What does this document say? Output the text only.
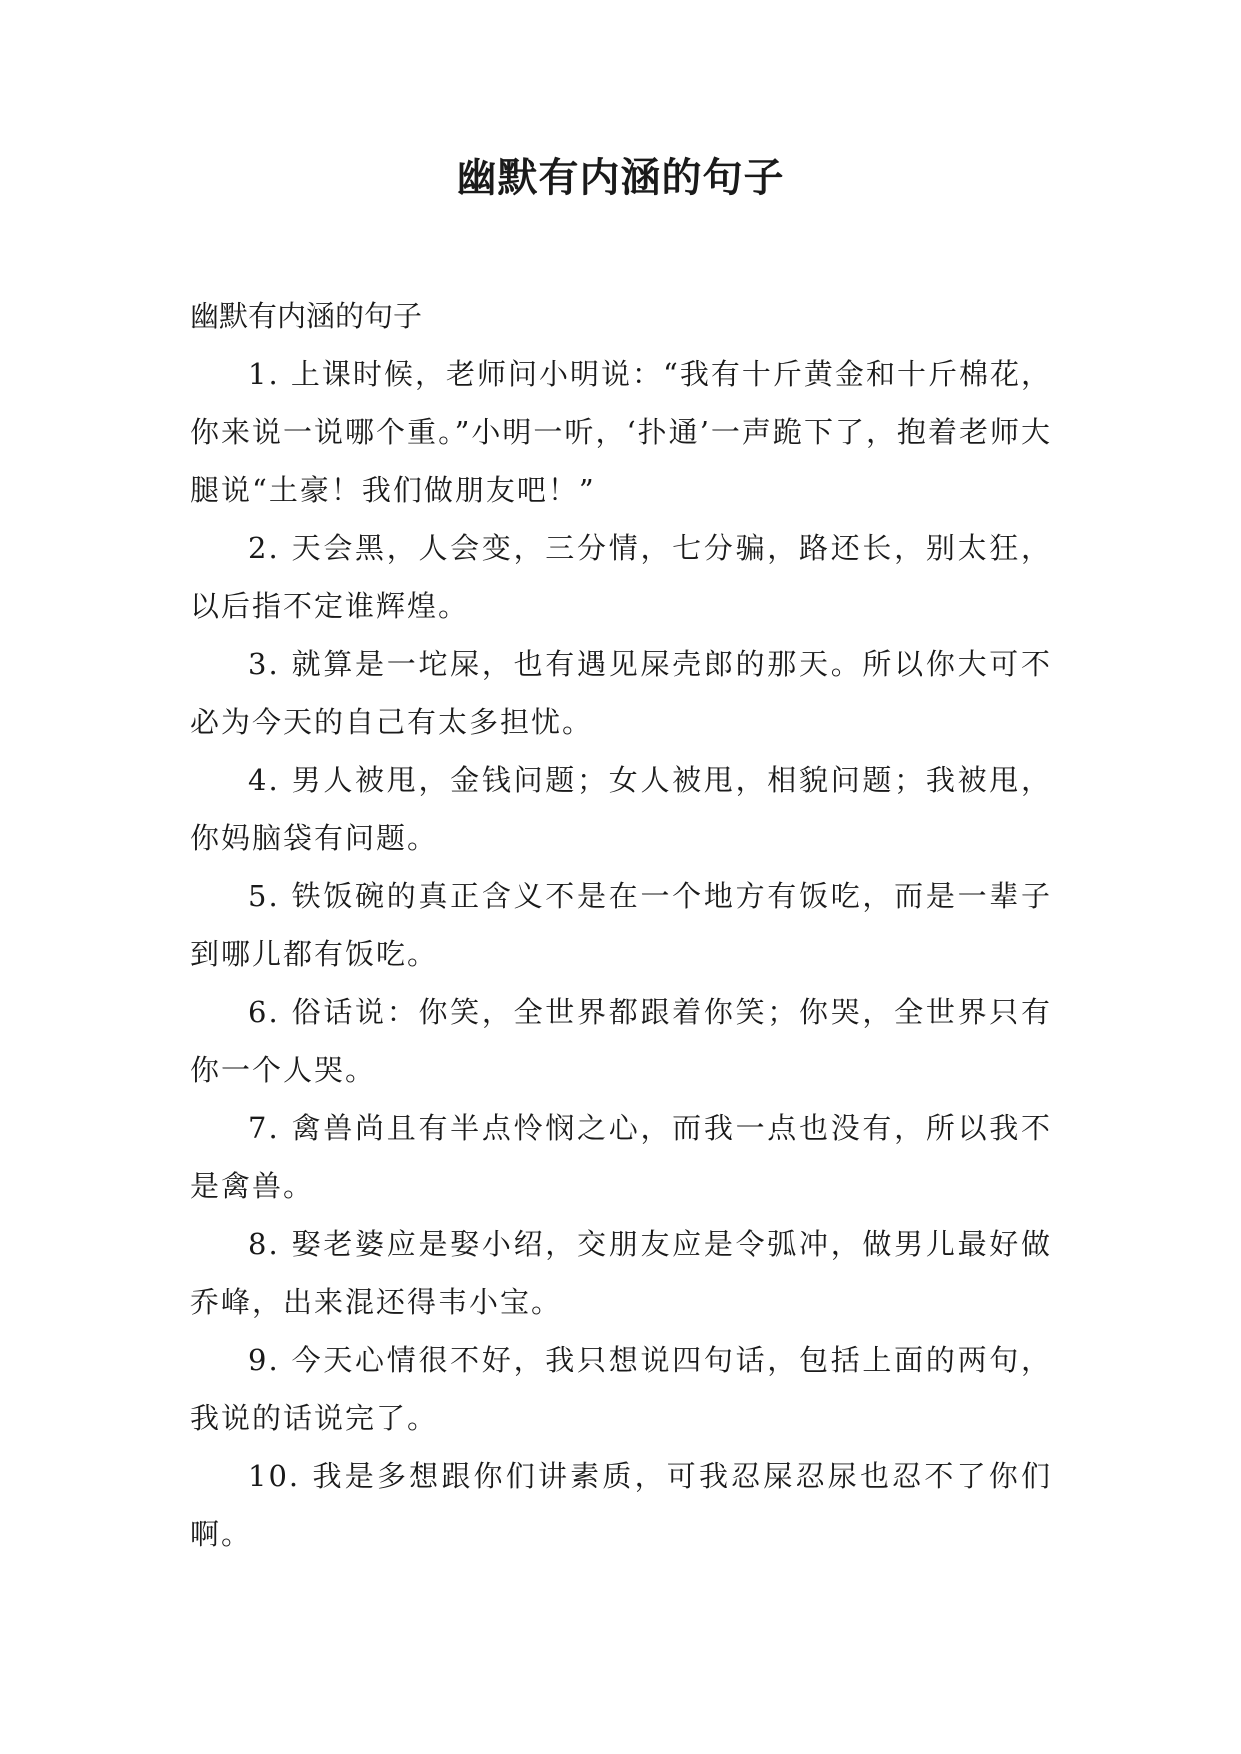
幽默有内涵的句子

幽默有内涵的句子

1. 上课时候，老师问小明说：“我有十斤黄金和十斤棉花，你来说一说哪个重。”小明一听，‘扑通’一声跪下了，抱着老师大腿说“土豪！我们做朋友吧！”

2. 天会黑，人会变，三分情，七分骗，路还长，别太狂，以后指不定谁辉煌。

3. 就算是一坨屎，也有遇见屎壳郎的那天。所以你大可不必为今天的自己有太多担忧。

4. 男人被甩，金钱问题；女人被甩，相貌问题；我被甩，你妈脑袋有问题。

5. 铁饭碗的真正含义不是在一个地方有饭吃，而是一辈子到哪儿都有饭吃。

6. 俗话说：你笑，全世界都跟着你笑；你哭，全世界只有你一个人哭。

7. 禽兽尚且有半点怜悯之心，而我一点也没有，所以我不是禽兽。

8. 娶老婆应是娶小绍，交朋友应是令弧冲，做男儿最好做乔峰，出来混还得韦小宝。

9. 今天心情很不好，我只想说四句话，包括上面的两句，我说的话说完了。

10. 我是多想跟你们讲素质，可我忍屎忍尿也忍不了你们啊。
